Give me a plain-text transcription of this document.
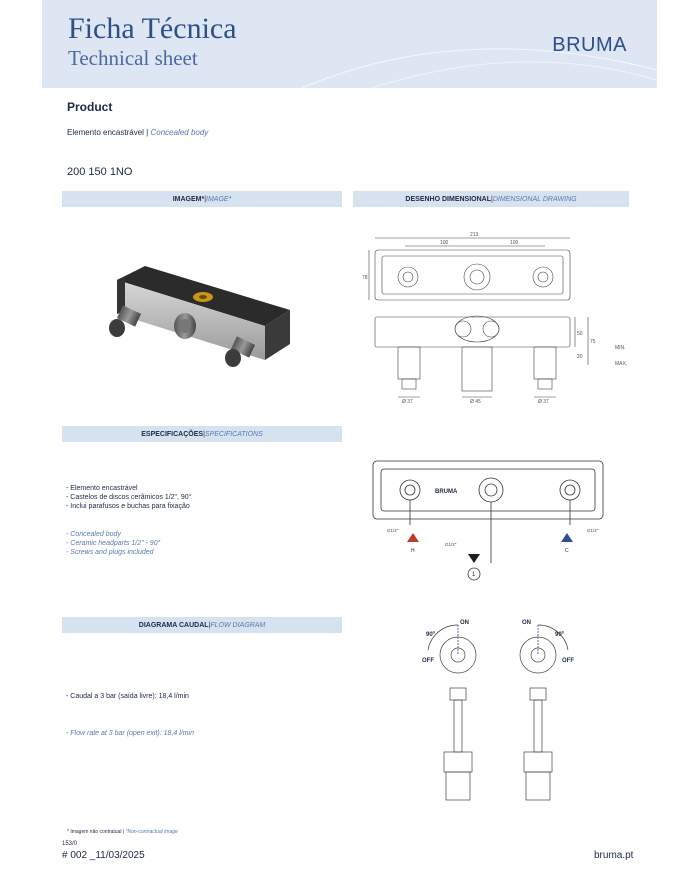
Ficha Técnica
Technical sheet
BRUMA
Product
Elemento encastrável | Concealed body
200 150 1NO
IMAGEM* | IMAGE*	DESENHO DIMENSIONAL | DIMENSIONAL DRAWING
ESPECIFICAÇÕES | SPECIFICATIONS
DIAGRAMA CAUDAL | FLOW DIAGRAM
213
100	100
78
50
75
20
MIN.
MAX.
Ø 37	Ø 45	Ø 37
- Elemento encastrável
- Castelos de discos cerâmicos 1/2", 90°
- Inclui parafusos e buchas para fixação
- Concealed body
- Ceramic headparts 1/2" - 90°
- Screws and plugs included
BRUMA
G1/2"
G1/2"
G1/2"
H	C
1
- Caudal a 3 bar (saída livre): 18,4 l/min
- Flow rate at 3 bar (open exit): 18,4 l/min
ON
OFF
90º
ON
OFF
90º
* Imagem não contratual | *Non-contractual image
153/0
# 002 _11/03/2025	bruma.pt
